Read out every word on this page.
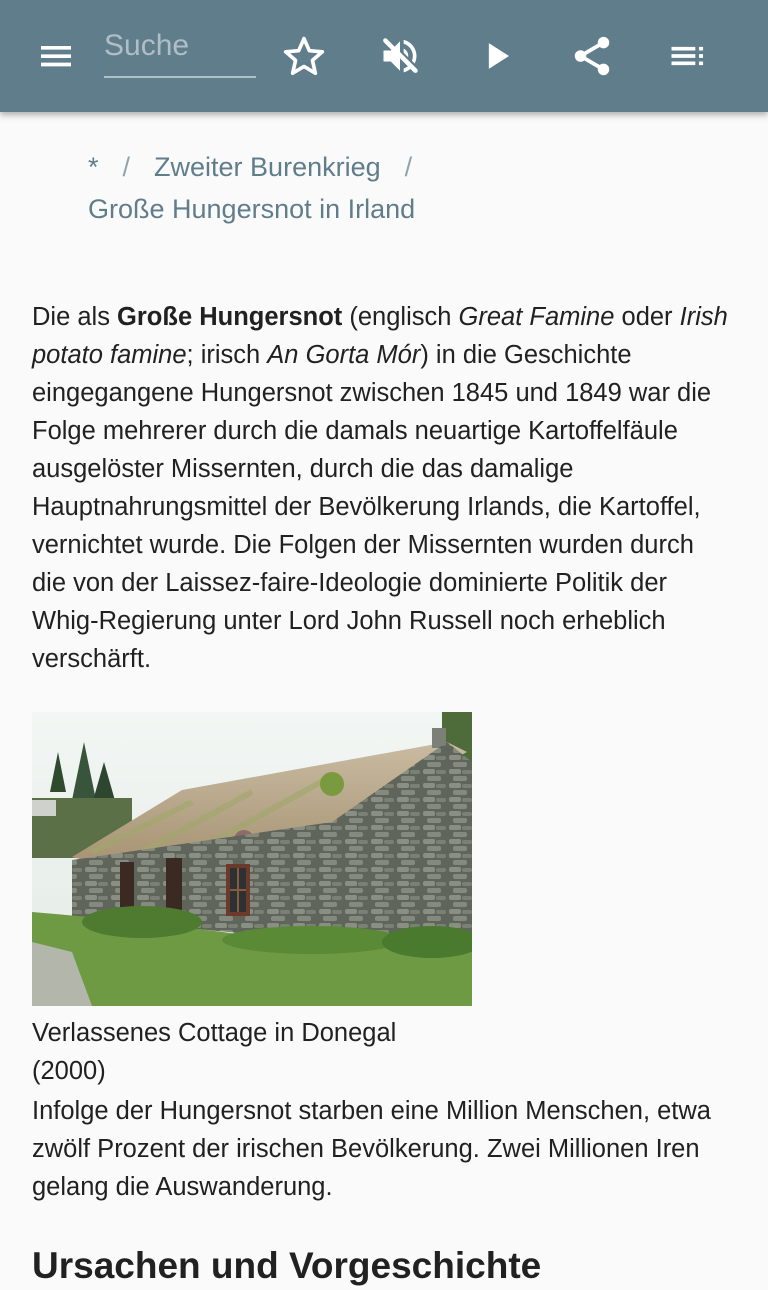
Suche
* / Zweiter Burenkrieg /
Große Hungersnot in Irland

Die als Große Hungersnot (englisch Great Famine oder Irish potato famine; irisch An Gorta Mór) in die Geschichte eingegangene Hungersnot zwischen 1845 und 1849 war die Folge mehrerer durch die damals neuartige Kartoffelfäule ausgelöster Missernten, durch die das damalige Hauptnahrungsmittel der Bevölkerung Irlands, die Kartoffel, vernichtet wurde. Die Folgen der Missernten wurden durch die von der Laissez-faire-Ideologie dominierte Politik der Whig-Regierung unter Lord John Russell noch erheblich verschärft.

Verlassenes Cottage in Donegal (2000)

Infolge der Hungersnot starben eine Million Menschen, etwa zwölf Prozent der irischen Bevölkerung. Zwei Millionen Iren gelang die Auswanderung.

Ursachen und Vorgeschichte
